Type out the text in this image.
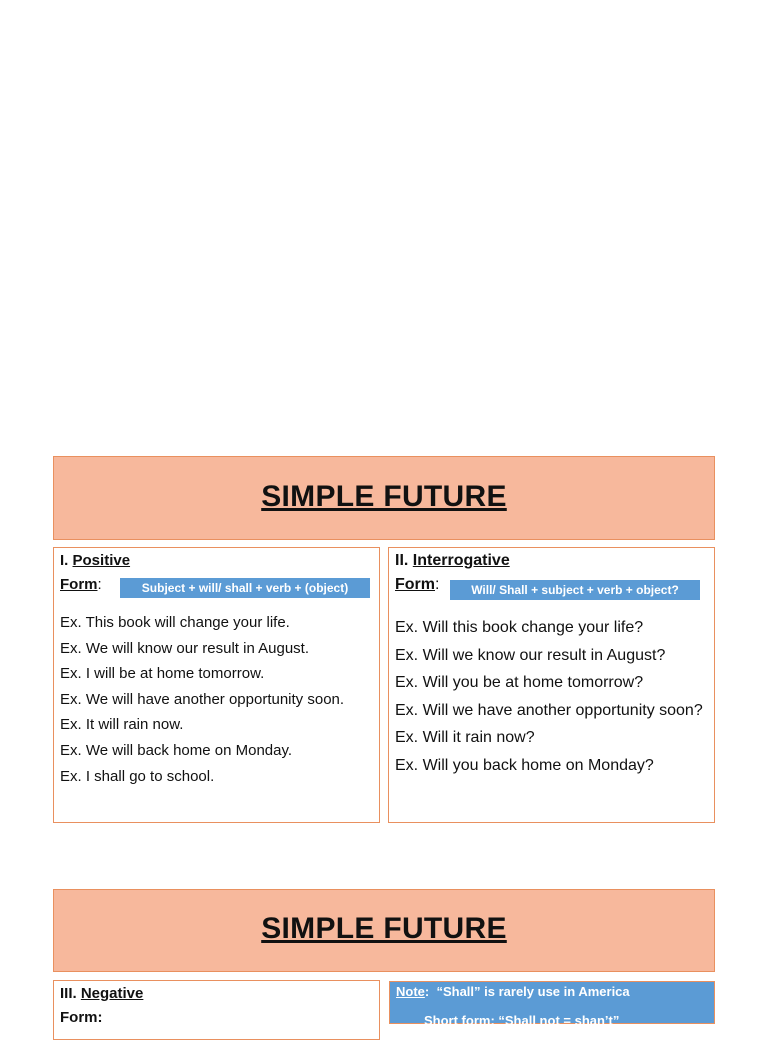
SIMPLE FUTURE
I. Positive
Form:	Subject + will/ shall + verb + (object)
Ex. This book will change your life.
Ex. We will know our result in August.
Ex. I will be at home tomorrow.
Ex. We will have another opportunity soon.
Ex. It will rain now.
Ex. We will back home on Monday.
Ex. I shall go to school.
II. Interrogative
Form:	Will/ Shall + subject + verb + object?
Ex. Will this book change your life?
Ex. Will we know our result in August?
Ex. Will you be at home tomorrow?
Ex. Will we have another opportunity soon?
Ex. Will it rain now?
Ex. Will you back home on Monday?
SIMPLE FUTURE
III. Negative
Form:
Note: “Shall” is rarely use in America
Short form: “Shall not = shan’t”
